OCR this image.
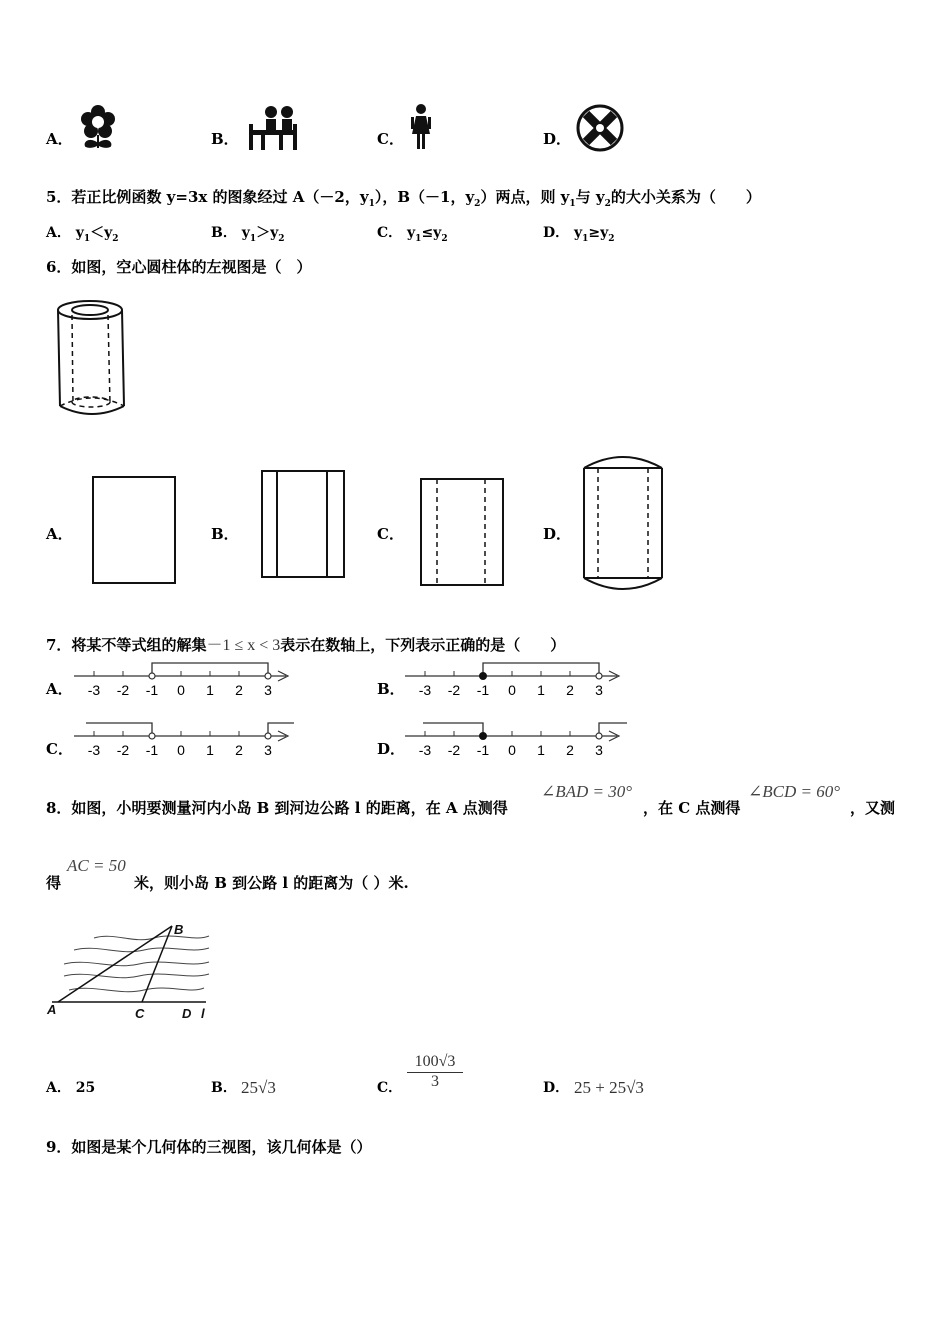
A．	B．	C．	D．
5．若正比例函数 y=3x 的图象经过 A（－2，$y_1$），B（－1，$y_2$）两点，则 $y_1$与 $y_2$的大小关系为（　　）
A． $y_1<y_2$	B． $y_1>y_2$	C． $y_1\le y_2$	D． $y_1\ge y_2$
6．如图，空心圆柱体的左视图是（　）
A．	B．	C．	D．
7．将某不等式组的解集－1 ≤ x < 3表示在数轴上，下列表示正确的是（　　）
A． -3 -2 -1 0 1 2 3	B． -3 -2 -1 0 1 2 3
C． -3 -2 -1 0 1 2 3	D． -3 -2 -1 0 1 2 3
8．如图，小明要测量河内小岛 B 到河边公路 l 的距离，在 A 点测得
∠BAD = 30°
，在 C 点测得
∠BCD = 60°
，又测
得
AC = 50
米，则小岛 B 到公路 l 的距离为（ ）米.
A
B
C	D l
A． 25	B． 25√3	C． $\frac{100√3}{3}$	D． 25 + 25√3
9．如图是某个几何体的三视图，该几何体是（）
